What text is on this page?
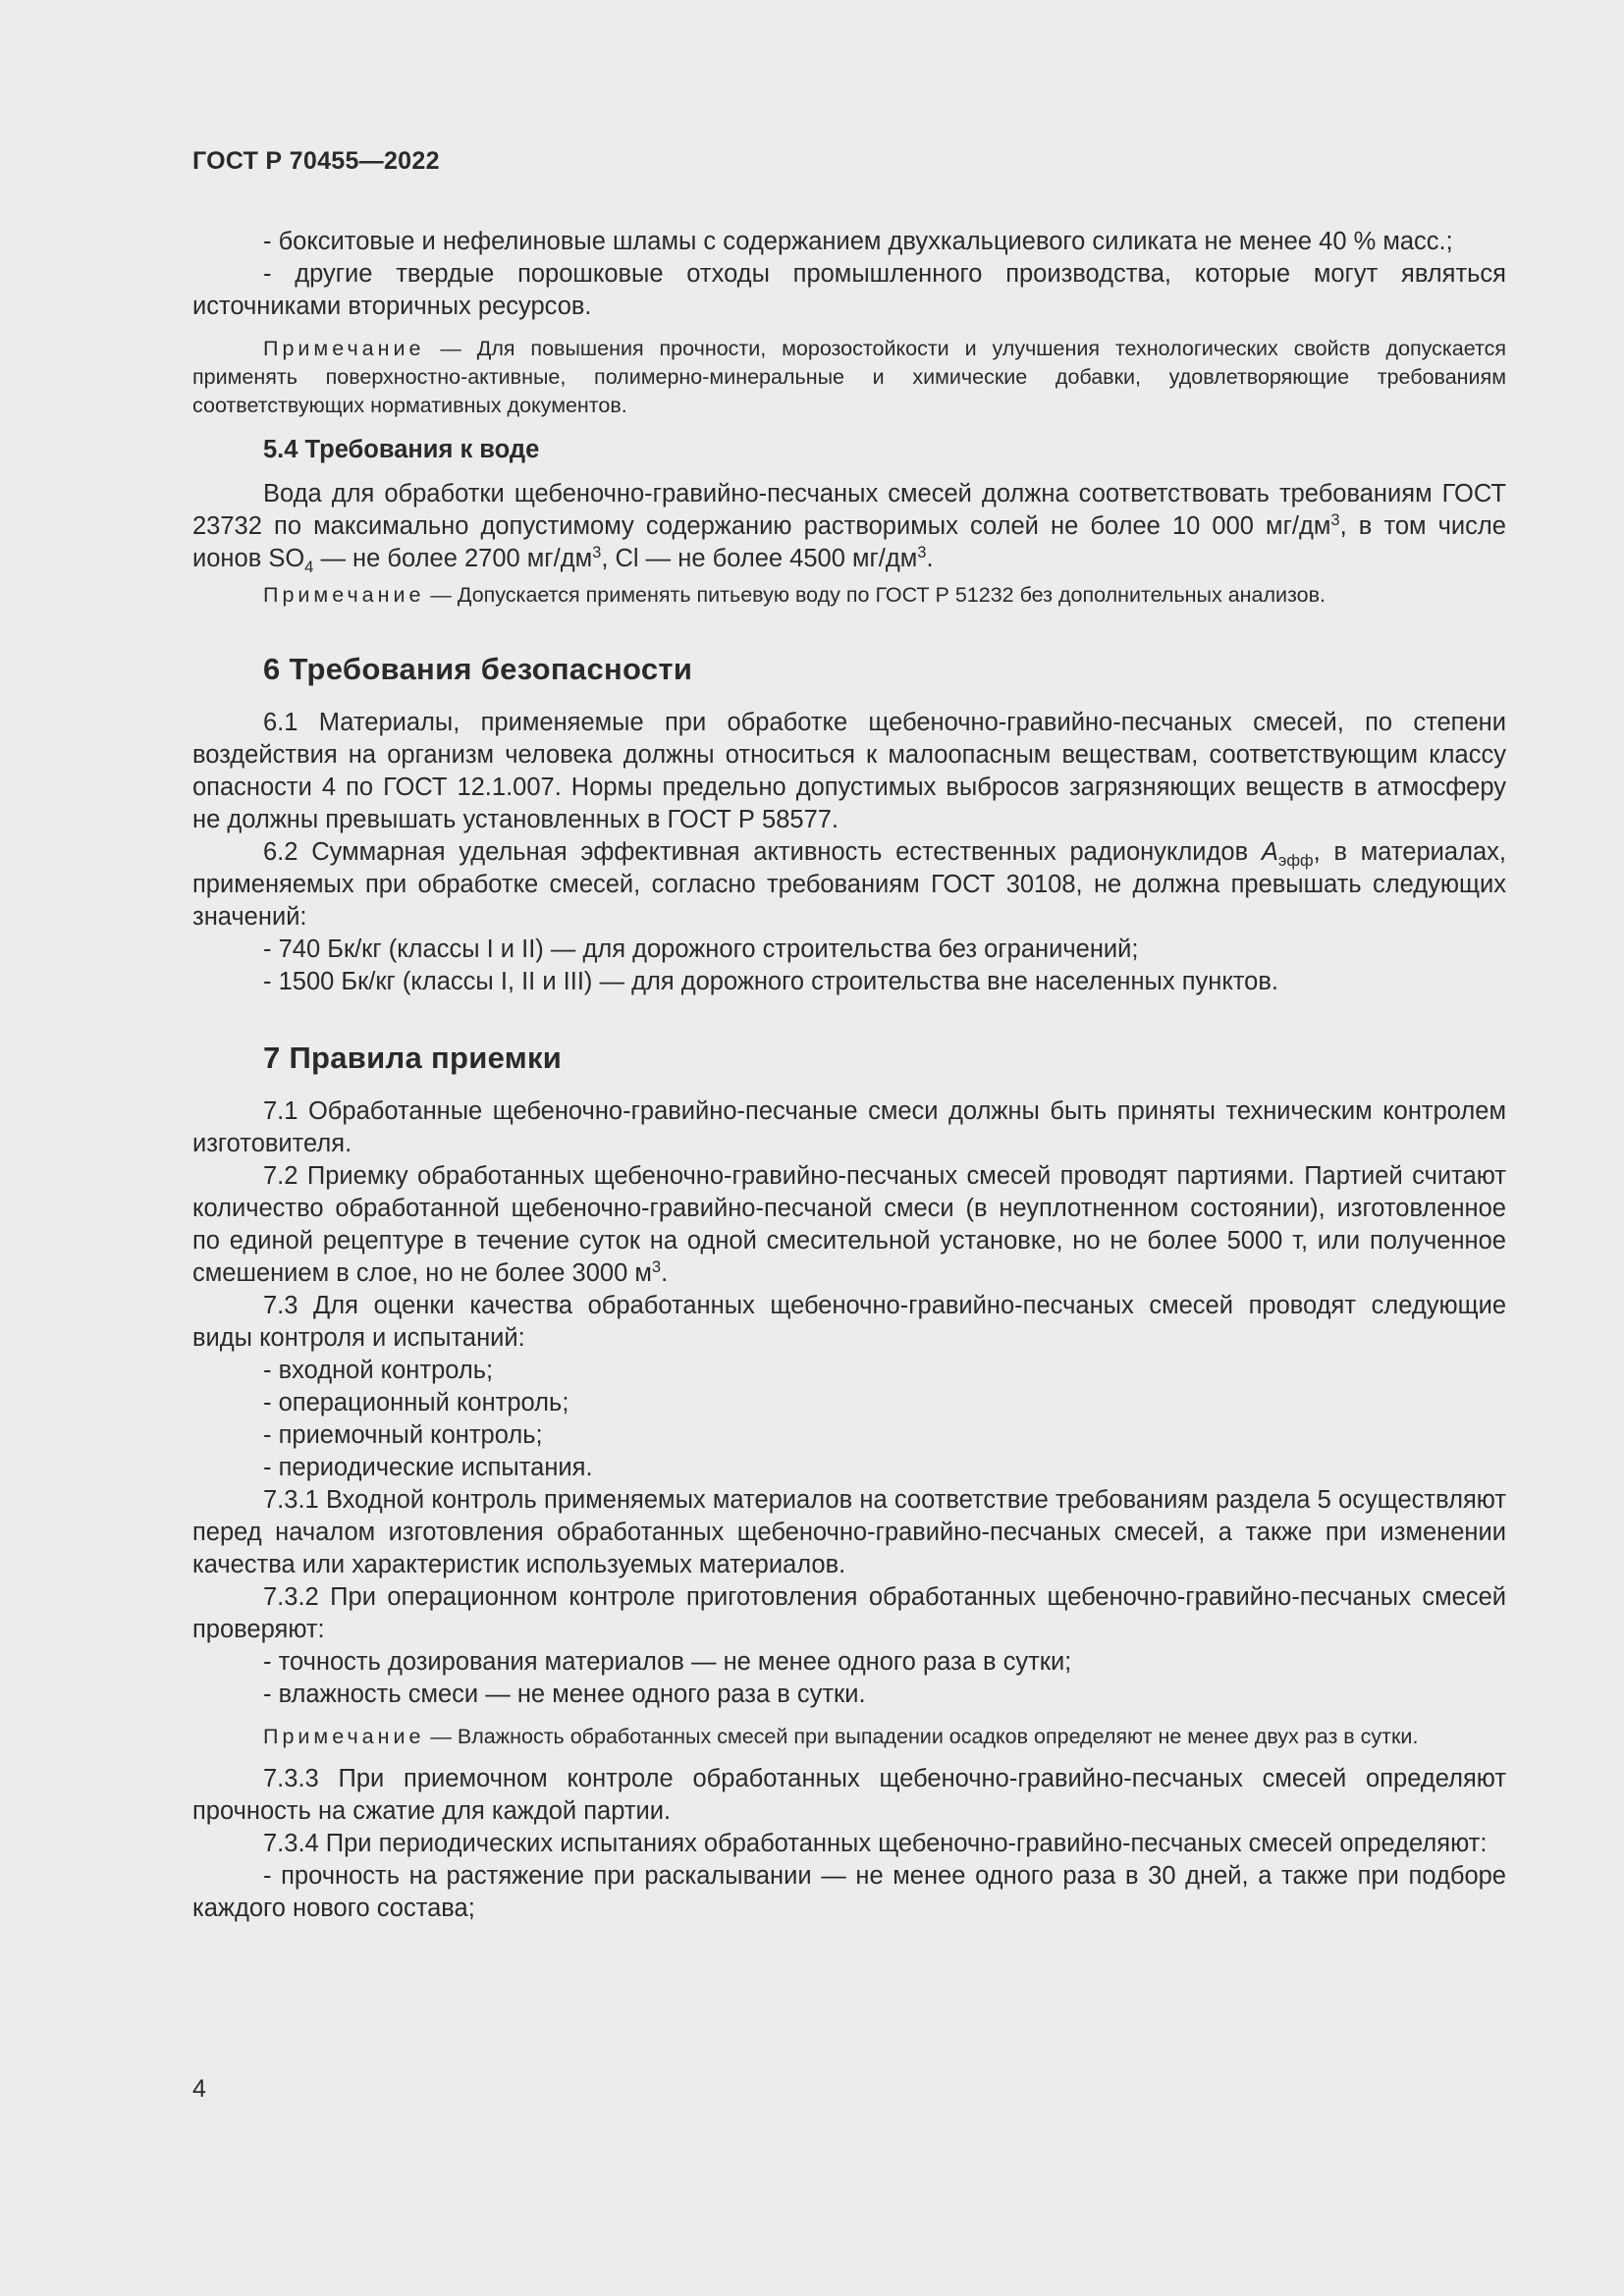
ГОСТ Р 70455—2022

- бокситовые и нефелиновые шламы с содержанием двухкальциевого силиката не менее 40 % масс.;

- другие твердые порошковые отходы промышленного производства, которые могут являться источниками вторичных ресурсов.

Примечание — Для повышения прочности, морозостойкости и улучшения технологических свойств допускается применять поверхностно-активные, полимерно-минеральные и химические добавки, удовлетворяющие требованиям соответствующих нормативных документов.

5.4 Требования к воде

Вода для обработки щебеночно-гравийно-песчаных смесей должна соответствовать требованиям ГОСТ 23732 по максимально допустимому содержанию растворимых солей не более 10 000 $мг/дм^3$, в том числе ионов $SO_4$ — не более 2700 $мг/дм^3$, Cl — не более 4500 $мг/дм^3$.

Примечание — Допускается применять питьевую воду по ГОСТ Р 51232 без дополнительных анализов.

6 Требования безопасности

6.1 Материалы, применяемые при обработке щебеночно-гравийно-песчаных смесей, по степени воздействия на организм человека должны относиться к малоопасным веществам, соответствующим классу опасности 4 по ГОСТ 12.1.007. Нормы предельно допустимых выбросов загрязняющих веществ в атмосферу не должны превышать установленных в ГОСТ Р 58577.

6.2 Суммарная удельная эффективная активность естественных радионуклидов $A_{эфф}$, в материалах, применяемых при обработке смесей, согласно требованиям ГОСТ 30108, не должна превышать следующих значений:

- 740 Бк/кг (классы I и II) — для дорожного строительства без ограничений;

- 1500 Бк/кг (классы I, II и III) — для дорожного строительства вне населенных пунктов.

7 Правила приемки

7.1 Обработанные щебеночно-гравийно-песчаные смеси должны быть приняты техническим контролем изготовителя.

7.2 Приемку обработанных щебеночно-гравийно-песчаных смесей проводят партиями. Партией считают количество обработанной щебеночно-гравийно-песчаной смеси (в неуплотненном состоянии), изготовленное по единой рецептуре в течение суток на одной смесительной установке, но не более 5000 т, или полученное смешением в слое, но не более 3000 $м^3$.

7.3 Для оценки качества обработанных щебеночно-гравийно-песчаных смесей проводят следующие виды контроля и испытаний:

- входной контроль;

- операционный контроль;

- приемочный контроль;

- периодические испытания.

7.3.1 Входной контроль применяемых материалов на соответствие требованиям раздела 5 осуществляют перед началом изготовления обработанных щебеночно-гравийно-песчаных смесей, а также при изменении качества или характеристик используемых материалов.

7.3.2 При операционном контроле приготовления обработанных щебеночно-гравийно-песчаных смесей проверяют:

- точность дозирования материалов — не менее одного раза в сутки;

- влажность смеси — не менее одного раза в сутки.

Примечание — Влажность обработанных смесей при выпадении осадков определяют не менее двух раз в сутки.

7.3.3 При приемочном контроле обработанных щебеночно-гравийно-песчаных смесей определяют прочность на сжатие для каждой партии.

7.3.4 При периодических испытаниях обработанных щебеночно-гравийно-песчаных смесей определяют:

- прочность на растяжение при раскалывании — не менее одного раза в 30 дней, а также при подборе каждого нового состава;

4
